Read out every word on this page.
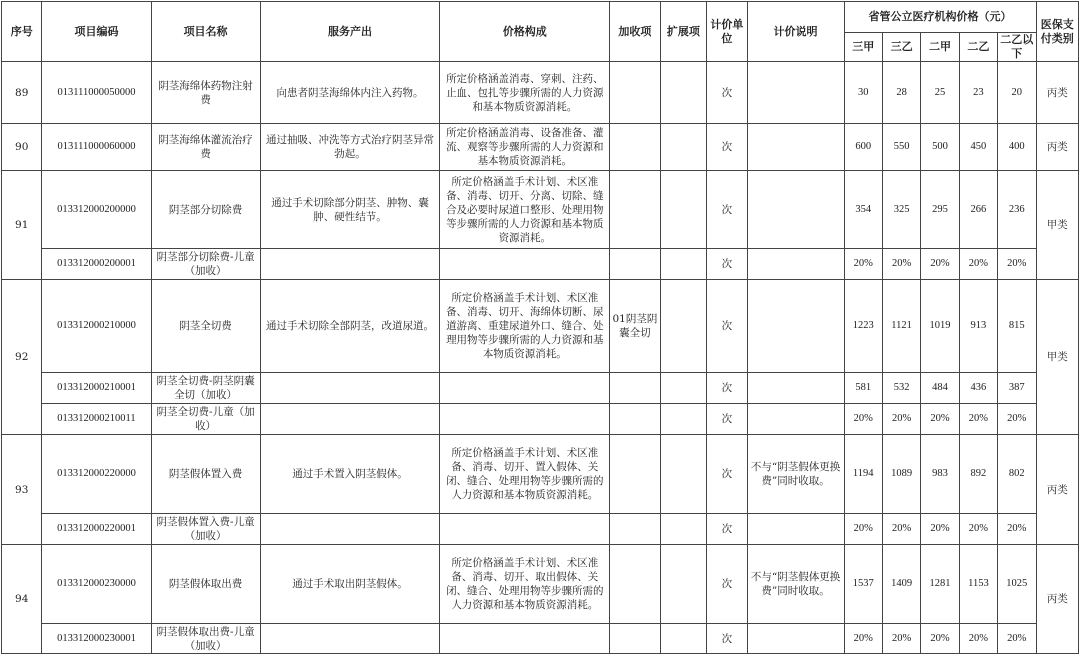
序号	项目编码	项目名称	服务产出	价格构成	加收项	扩展项	计价单位	计价说明	省管公立医疗机构价格（元）					医保支付类别
									三甲	三乙	二甲	二乙	二乙以下	
89	013111000050000	阴茎海绵体药物注射费	向患者阴茎海绵体内注入药物。	所定价格涵盖消毒、穿刺、注药、止血、包扎等步骤所需的人力资源和基本物质资源消耗。			次		30	28	25	23	20	丙类
90	013111000060000	阴茎海绵体灌流治疗费	通过抽吸、冲洗等方式治疗阴茎异常勃起。	所定价格涵盖消毒、设备准备、灌流、观察等步骤所需的人力资源和基本物质资源消耗。			次		600	550	500	450	400	丙类
91	013312000200000	阴茎部分切除费	通过手术切除部分阴茎、肿物、囊肿、硬性结节。	所定价格涵盖手术计划、术区准备、消毒、切开、分离、切除、缝合及必要时尿道口整形、处理用物等步骤所需的人力资源和基本物质资源消耗。			次		354	325	295	266	236	甲类
	013312000200001	阴茎部分切除费-儿童（加收）					次		20%	20%	20%	20%	20%	
92	013312000210000	阴茎全切费	通过手术切除全部阴茎，改道尿道。	所定价格涵盖手术计划、术区准备、消毒、切开、海绵体切断、尿道游离、重建尿道外口、缝合、处理用物等步骤所需的人力资源和基本物质资源消耗。	01阴茎阴囊全切		次		1223	1121	1019	913	815	甲类
	013312000210001	阴茎全切费-阴茎阴囊全切（加收）					次		581	532	484	436	387	
	013312000210011	阴茎全切费-儿童（加收）					次		20%	20%	20%	20%	20%	
93	013312000220000	阴茎假体置入费	通过手术置入阴茎假体。	所定价格涵盖手术计划、术区准备、消毒、切开、置入假体、关闭、缝合、处理用物等步骤所需的人力资源和基本物质资源消耗。			次	不与“阴茎假体更换费”同时收取。	1194	1089	983	892	802	丙类
	013312000220001	阴茎假体置入费-儿童（加收）					次		20%	20%	20%	20%	20%	
94	013312000230000	阴茎假体取出费	通过手术取出阴茎假体。	所定价格涵盖手术计划、术区准备、消毒、切开、取出假体、关闭、缝合、处理用物等步骤所需的人力资源和基本物质资源消耗。			次	不与“阴茎假体更换费”同时收取。	1537	1409	1281	1153	1025	丙类
	013312000230001	阴茎假体取出费-儿童（加收）					次		20%	20%	20%	20%	20%	
